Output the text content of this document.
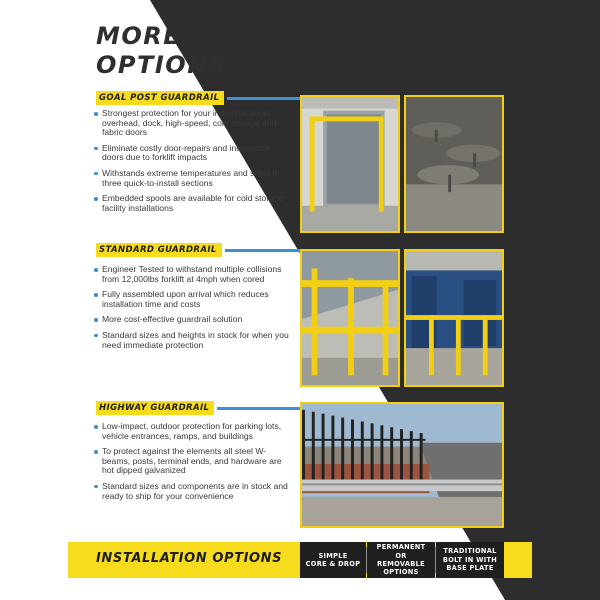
MORE
OPTIONS
GOAL POST GUARDRAIL
Strongest protection for your industrial doors - overhead, dock, high-speed, cold storage and fabric doors
Eliminate costly door-repairs and inoperable doors due to forklift impacts
Withstands extreme temperatures and ships in three quick-to-install sections
Embedded spools are available for cold storage facility installations
STANDARD GUARDRAIL
Engineer Tested to withstand multiple collisions from 12,000lbs forklift at 4mph when cored
Fully assembled upon arrival which reduces installation time and costs
More cost-effective guardrail solution
Standard sizes and heights in stock for when you need immediate protection
HIGHWAY GUARDRAIL
Low-impact, outdoor protection for parking lots, vehicle entrances, ramps, and buildings
To protect against the elements all steel W-beams, posts, terminal ends, and hardware are hot dipped galvanized
Standard sizes and components are in stock and ready to ship for your convenience
INSTALLATION OPTIONS	SIMPLE
CORE & DROP
PERMANENT
OR REMOVABLE
OPTIONS
TRADITIONAL
BOLT IN WITH
BASE PLATE
